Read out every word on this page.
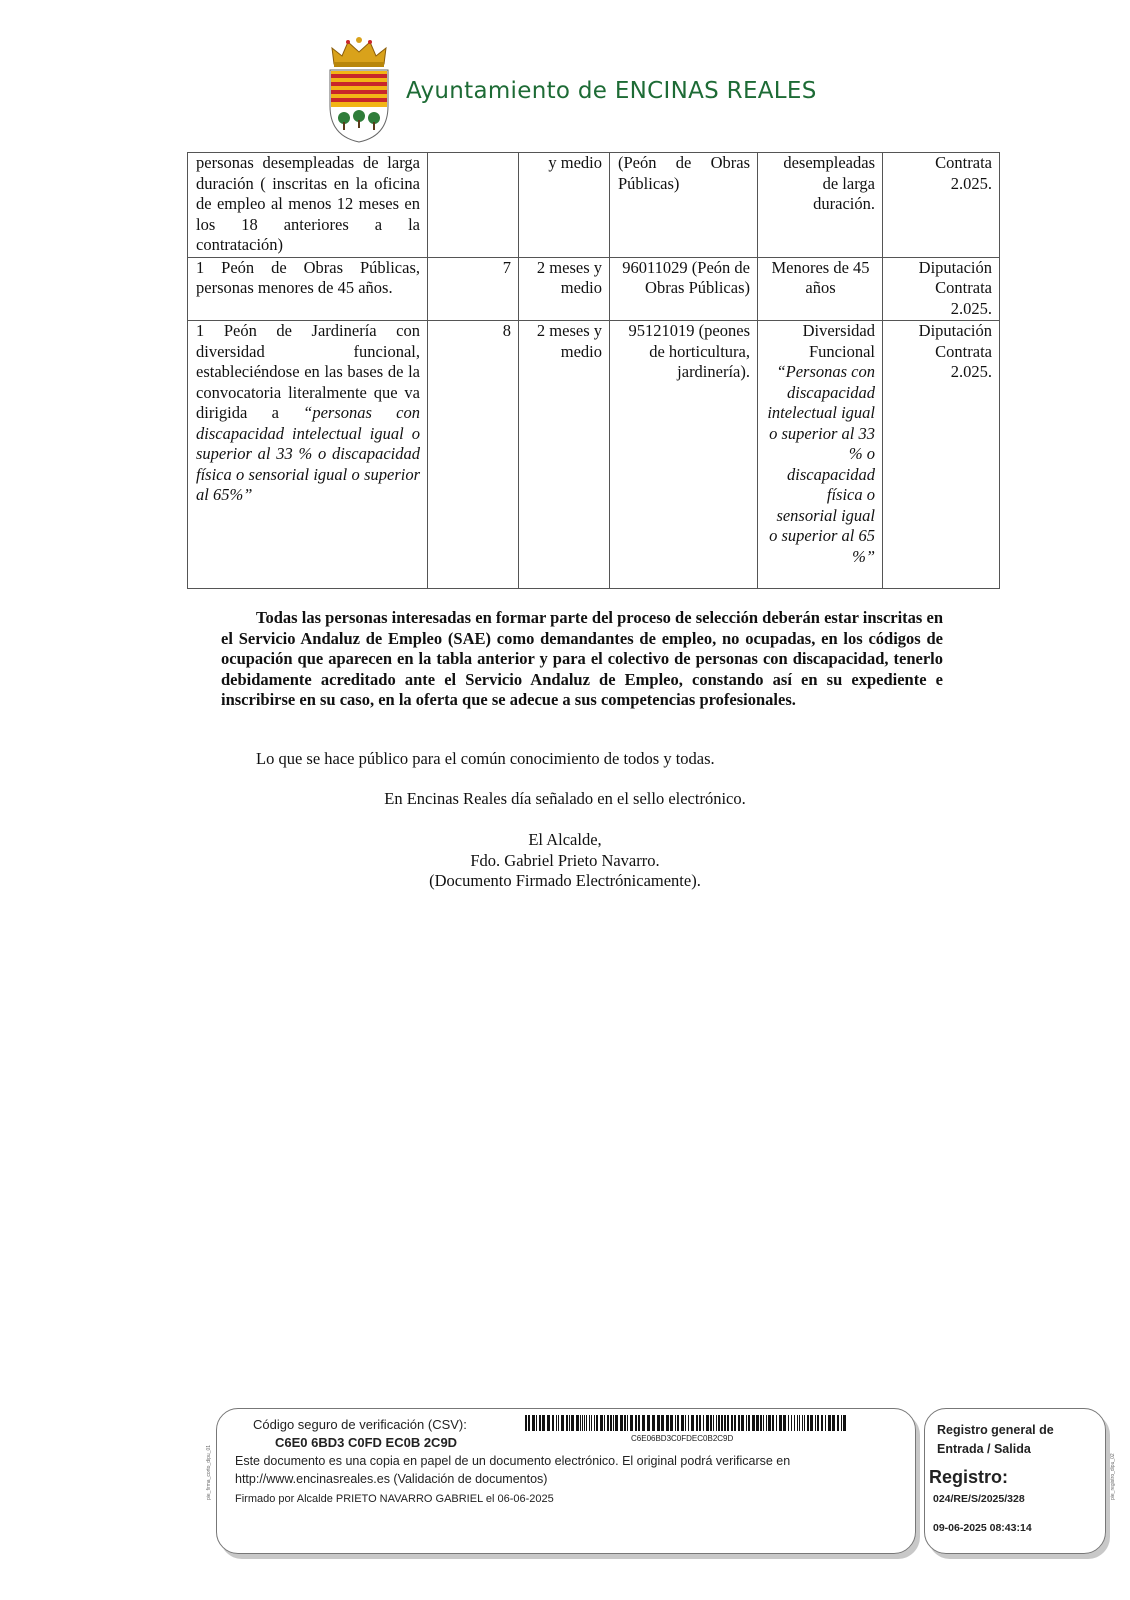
Ayuntamiento de ENCINAS REALES
personas desempleadas de larga duración ( inscritas en la oficina de empleo al menos 12 meses en los 18 anteriores a la contratación)		y medio	(Peón de Obras Públicas)	desempleadas de larga duración.	Contrata 2.025.
1 Peón de Obras Públicas, personas menores de 45 años.	7	2 meses y medio	96011029 (Peón de Obras Públicas)	Menores de 45 años	Diputación Contrata 2.025.
1 Peón de Jardinería con diversidad funcional, estableciéndose en las bases de la convocatoria literalmente que va dirigida a “personas con discapacidad intelectual igual o superior al 33 % o discapacidad física o sensorial igual o superior al 65%”	8	2 meses y medio	95121019 (peones de horticultura, jardinería).	Diversidad Funcional “Personas con discapacidad intelectual igual o superior al 33 % o discapacidad física o sensorial igual o superior al 65 %”	Diputación Contrata 2.025.
Todas las personas interesadas en formar parte del proceso de selección deberán estar inscritas en el Servicio Andaluz de Empleo (SAE) como demandantes de empleo, no ocupadas, en los códigos de ocupación que aparecen en la tabla anterior y para el colectivo de personas con discapacidad, tenerlo debidamente acreditado ante el Servicio Andaluz de Empleo, constando así en su expediente e inscribirse en su caso, en la oferta que se adecue a sus competencias profesionales.
Lo que se hace público para el común conocimiento de todos y todas.
En Encinas Reales día señalado en el sello electrónico.
El Alcalde,
Fdo. Gabriel Prieto Navarro.
(Documento Firmado Electrónicamente).
pie_firma_corto_dipu_01
Código seguro de verificación (CSV):
C6E06BD3C0FDEC0B2C9D
C6E0 6BD3 C0FD EC0B 2C9D
Este documento es una copia en papel de un documento electrónico. El original podrá verificarse en
http://www.encinasreales.es (Validación de documentos)
Firmado por Alcalde PRIETO NAVARRO GABRIEL el 06-06-2025
Registro general de
Entrada / Salida
Registro:
024/RE/S/2025/328
09-06-2025 08:43:14
pie_registro_dipu_02
